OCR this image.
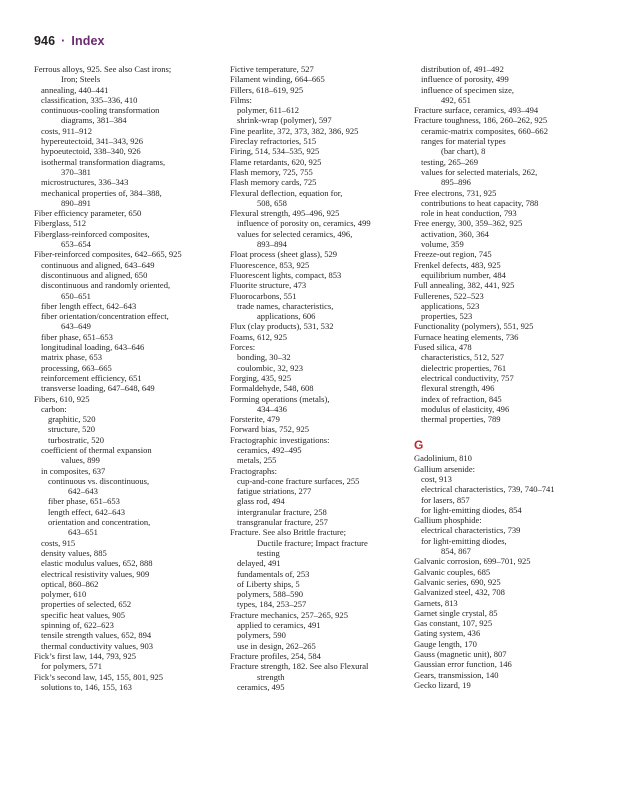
946 · Index
Ferrous alloys, 925. See also Cast irons;
Iron; Steels
annealing, 440–441
classification, 335–336, 410
continuous-cooling transformation
diagrams, 381–384
costs, 911–912
hypereutectoid, 341–343, 926
hypoeutectoid, 338–340, 926
isothermal transformation diagrams,
370–381
microstructures, 336–343
mechanical properties of, 384–388,
890–891
Fiber efficiency parameter, 650
Fiberglass, 512
Fiberglass-reinforced composites,
653–654
Fiber-reinforced composites, 642–665, 925
continuous and aligned, 643–649
discontinuous and aligned, 650
discontinuous and randomly oriented,
650–651
fiber length effect, 642–643
fiber orientation/concentration effect,
643–649
fiber phase, 651–653
longitudinal loading, 643–646
matrix phase, 653
processing, 663–665
reinforcement efficiency, 651
transverse loading, 647–648, 649
Fibers, 610, 925
carbon:
graphitic, 520
structure, 520
turbostratic, 520
coefficient of thermal expansion
values, 899
in composites, 637
continuous vs. discontinuous,
642–643
fiber phase, 651–653
length effect, 642–643
orientation and concentration,
643–651
costs, 915
density values, 885
elastic modulus values, 652, 888
electrical resistivity values, 909
optical, 860–862
polymer, 610
properties of selected, 652
specific heat values, 905
spinning of, 622–623
tensile strength values, 652, 894
thermal conductivity values, 903
Fick’s first law, 144, 793, 925
for polymers, 571
Fick’s second law, 145, 155, 801, 925
solutions to, 146, 155, 163
Fictive temperature, 527
Filament winding, 664–665
Fillers, 618–619, 925
Films:
polymer, 611–612
shrink-wrap (polymer), 597
Fine pearlite, 372, 373, 382, 386, 925
Fireclay refractories, 515
Firing, 514, 534–535, 925
Flame retardants, 620, 925
Flash memory, 725, 755
Flash memory cards, 725
Flexural deflection, equation for,
508, 658
Flexural strength, 495–496, 925
influence of porosity on, ceramics, 499
values for selected ceramics, 496,
893–894
Float process (sheet glass), 529
Fluorescence, 853, 925
Fluorescent lights, compact, 853
Fluorite structure, 473
Fluorocarbons, 551
trade names, characteristics,
applications, 606
Flux (clay products), 531, 532
Foams, 612, 925
Forces:
bonding, 30–32
coulombic, 32, 923
Forging, 435, 925
Formaldehyde, 548, 608
Forming operations (metals),
434–436
Forsterite, 479
Forward bias, 752, 925
Fractographic investigations:
ceramics, 492–495
metals, 255
Fractographs:
cup-and-cone fracture surfaces, 255
fatigue striations, 277
glass rod, 494
intergranular fracture, 258
transgranular fracture, 257
Fracture. See also Brittle fracture;
Ductile fracture; Impact fracture
testing
delayed, 491
fundamentals of, 253
of Liberty ships, 5
polymers, 588–590
types, 184, 253–257
Fracture mechanics, 257–265, 925
applied to ceramics, 491
polymers, 590
use in design, 262–265
Fracture profiles, 254, 584
Fracture strength, 182. See also Flexural
strength
ceramics, 495
distribution of, 491–492
influence of porosity, 499
influence of specimen size,
492, 651
Fracture surface, ceramics, 493–494
Fracture toughness, 186, 260–262, 925
ceramic-matrix composites, 660–662
ranges for material types
(bar chart), 8
testing, 265–269
values for selected materials, 262,
895–896
Free electrons, 731, 925
contributions to heat capacity, 788
role in heat conduction, 793
Free energy, 300, 359–362, 925
activation, 360, 364
volume, 359
Freeze-out region, 745
Frenkel defects, 483, 925
equilibrium number, 484
Full annealing, 382, 441, 925
Fullerenes, 522–523
applications, 523
properties, 523
Functionality (polymers), 551, 925
Furnace heating elements, 736
Fused silica, 478
characteristics, 512, 527
dielectric properties, 761
electrical conductivity, 757
flexural strength, 496
index of refraction, 845
modulus of elasticity, 496
thermal properties, 789
G
Gadolinium, 810
Gallium arsenide:
cost, 913
electrical characteristics, 739, 740–741
for lasers, 857
for light-emitting diodes, 854
Gallium phosphide:
electrical characteristics, 739
for light-emitting diodes,
854, 867
Galvanic corrosion, 699–701, 925
Galvanic couples, 685
Galvanic series, 690, 925
Galvanized steel, 432, 708
Garnets, 813
Garnet single crystal, 85
Gas constant, 107, 925
Gating system, 436
Gauge length, 170
Gauss (magnetic unit), 807
Gaussian error function, 146
Gears, transmission, 140
Gecko lizard, 19
